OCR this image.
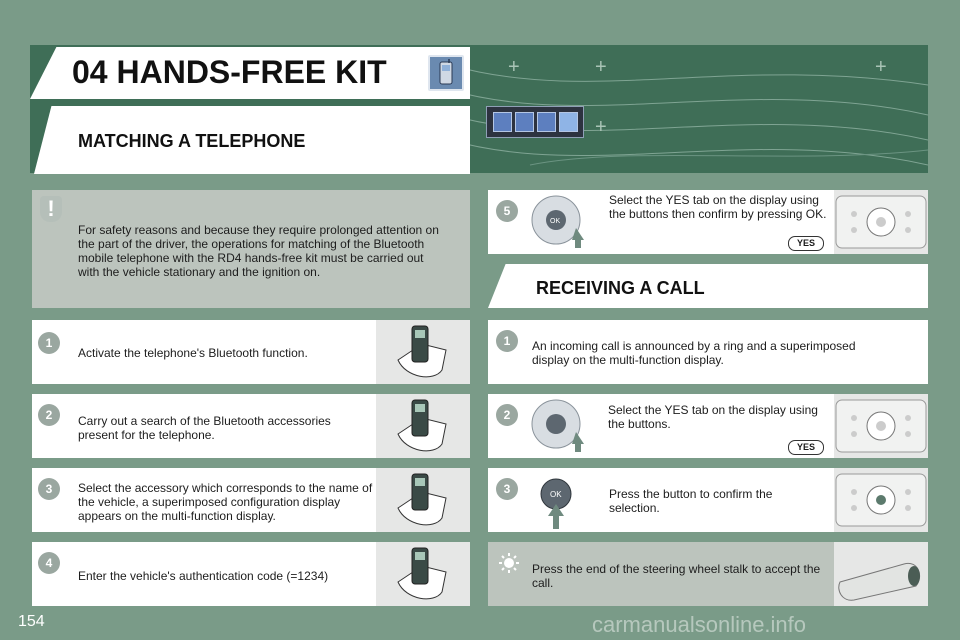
+	+	+
+
04 HANDS-FREE KIT
MATCHING A TELEPHONE
!
For safety reasons and because they require prolonged attention on the part of the driver, the operations for matching of the Bluetooth mobile telephone with the RD4 hands-free kit must be carried out with the vehicle stationary and the ignition on.
1
Activate the telephone's Bluetooth function.
2	Carry out a search of the Bluetooth accessories present for the telephone.
3	Select the accessory which corresponds to the name of the vehicle, a superimposed configuration display appears on the multi-function display.
4
Enter the vehicle's authentication code (=1234)
5
OK
Select the YES tab on the display using the buttons then confirm by pressing OK.
YES
RECEIVING A CALL
1	An incoming call is announced by a ring and a superimposed display on the multi-function display.
2	Select the YES tab on the display using the buttons.
YES
3	OK	Press the button to confirm the selection.
Press the end of the steering wheel stalk to accept the call.
154	carmanualsonline.info
